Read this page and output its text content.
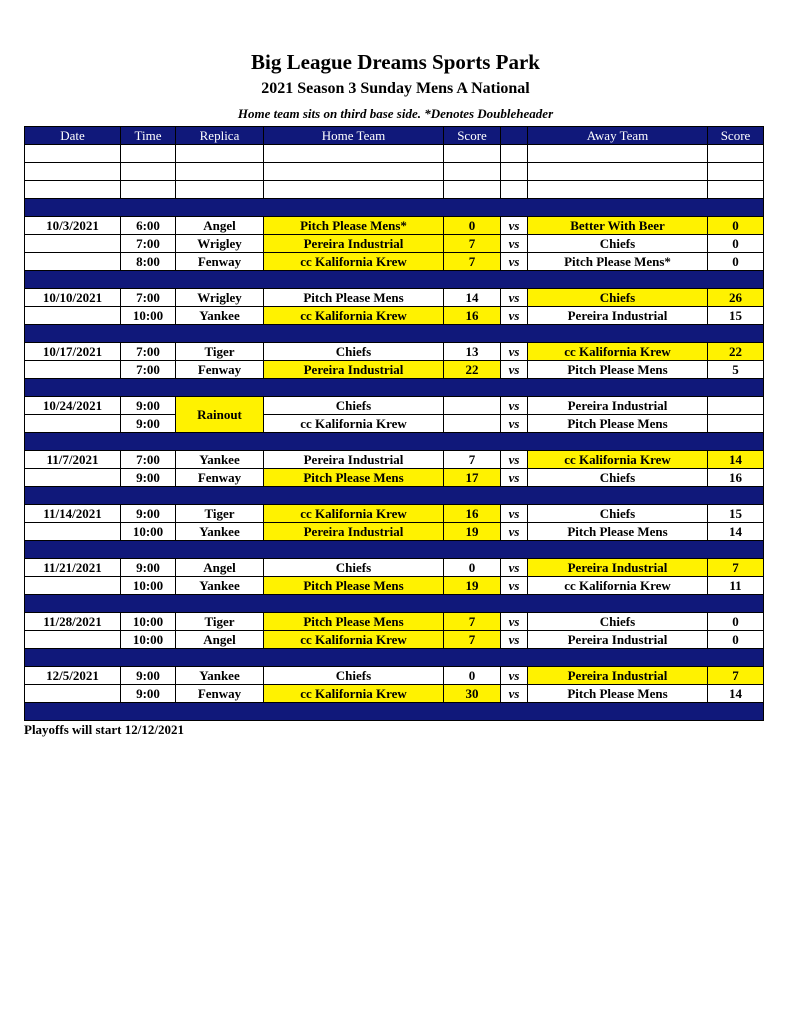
Big League Dreams Sports Park
2021 Season 3 Sunday Mens A National
Home team sits on third base side. *Denotes Doubleheader
Date	Time	Replica	Home Team	Score		Away Team	Score

10/3/2021	6:00	Angel	Pitch Please Mens*	0	vs	Better With Beer	0
	7:00	Wrigley	Pereira Industrial	7	vs	Chiefs	0
	8:00	Fenway	cc Kalifornia Krew	7	vs	Pitch Please Mens*	0

10/10/2021	7:00	Wrigley	Pitch Please Mens	14	vs	Chiefs	26
	10:00	Yankee	cc Kalifornia Krew	16	vs	Pereira Industrial	15

10/17/2021	7:00	Tiger	Chiefs	13	vs	cc Kalifornia Krew	22
	7:00	Fenway	Pereira Industrial	22	vs	Pitch Please Mens	5

10/24/2021	9:00	Rainout	Chiefs		vs	Pereira Industrial	
	9:00		cc Kalifornia Krew		vs	Pitch Please Mens	

11/7/2021	7:00	Yankee	Pereira Industrial	7	vs	cc Kalifornia Krew	14
	9:00	Fenway	Pitch Please Mens	17	vs	Chiefs	16

11/14/2021	9:00	Tiger	cc Kalifornia Krew	16	vs	Chiefs	15
	10:00	Yankee	Pereira Industrial	19	vs	Pitch Please Mens	14

11/21/2021	9:00	Angel	Chiefs	0	vs	Pereira Industrial	7
	10:00	Yankee	Pitch Please Mens	19	vs	cc Kalifornia Krew	11

11/28/2021	10:00	Tiger	Pitch Please Mens	7	vs	Chiefs	0
	10:00	Angel	cc Kalifornia Krew	7	vs	Pereira Industrial	0

12/5/2021	9:00	Yankee	Chiefs	0	vs	Pereira Industrial	7
	9:00	Fenway	cc Kalifornia Krew	30	vs	Pitch Please Mens	14

Playoffs will start 12/12/2021
